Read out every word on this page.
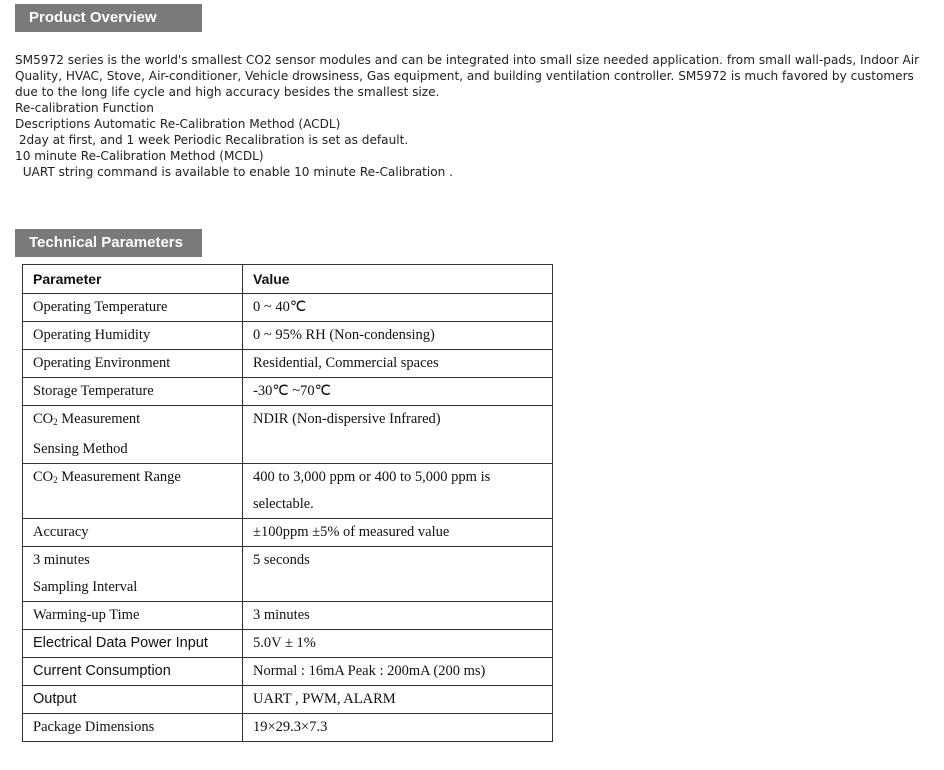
Product Overview

SM5972 series is the world's smallest CO2 sensor modules and can be integrated into small size needed application. from small wall-pads, Indoor Air Quality, HVAC, Stove, Air-conditioner, Vehicle drowsiness, Gas equipment, and building ventilation controller. SM5972 is much favored by customers due to the long life cycle and high accuracy besides the smallest size.

Re-calibration Function

Descriptions Automatic Re-Calibration Method (ACDL)

2day at first, and 1 week Periodic Recalibration is set as default.

10 minute Re-Calibration Method (MCDL)

UART string command is available to enable 10 minute Re-Calibration .

Technical Parameters
Parameter	Value
Operating Temperature	0 ~ 40℃
Operating Humidity	0 ~ 95% RH (Non-condensing)
Operating Environment	Residential, Commercial spaces
Storage Temperature	-30℃ ~70℃

$CO_2$ Measurement
Sensing Method	NDIR (Non-dispersive Infrared)
$CO_2$ Measurement Range	400 to 3,000 ppm or 400 to 5,000 ppm is selectable.
Accuracy	±100ppm ±5% of measured value

3 minutes
Sampling Interval	5 seconds
Warming-up Time	3 minutes
Electrical Data Power Input	5.0V ± 1%
Current Consumption	Normal : 16mA Peak : 200mA (200 ms)
Output	UART , PWM, ALARM
Package Dimensions	19×29.3×7.3
